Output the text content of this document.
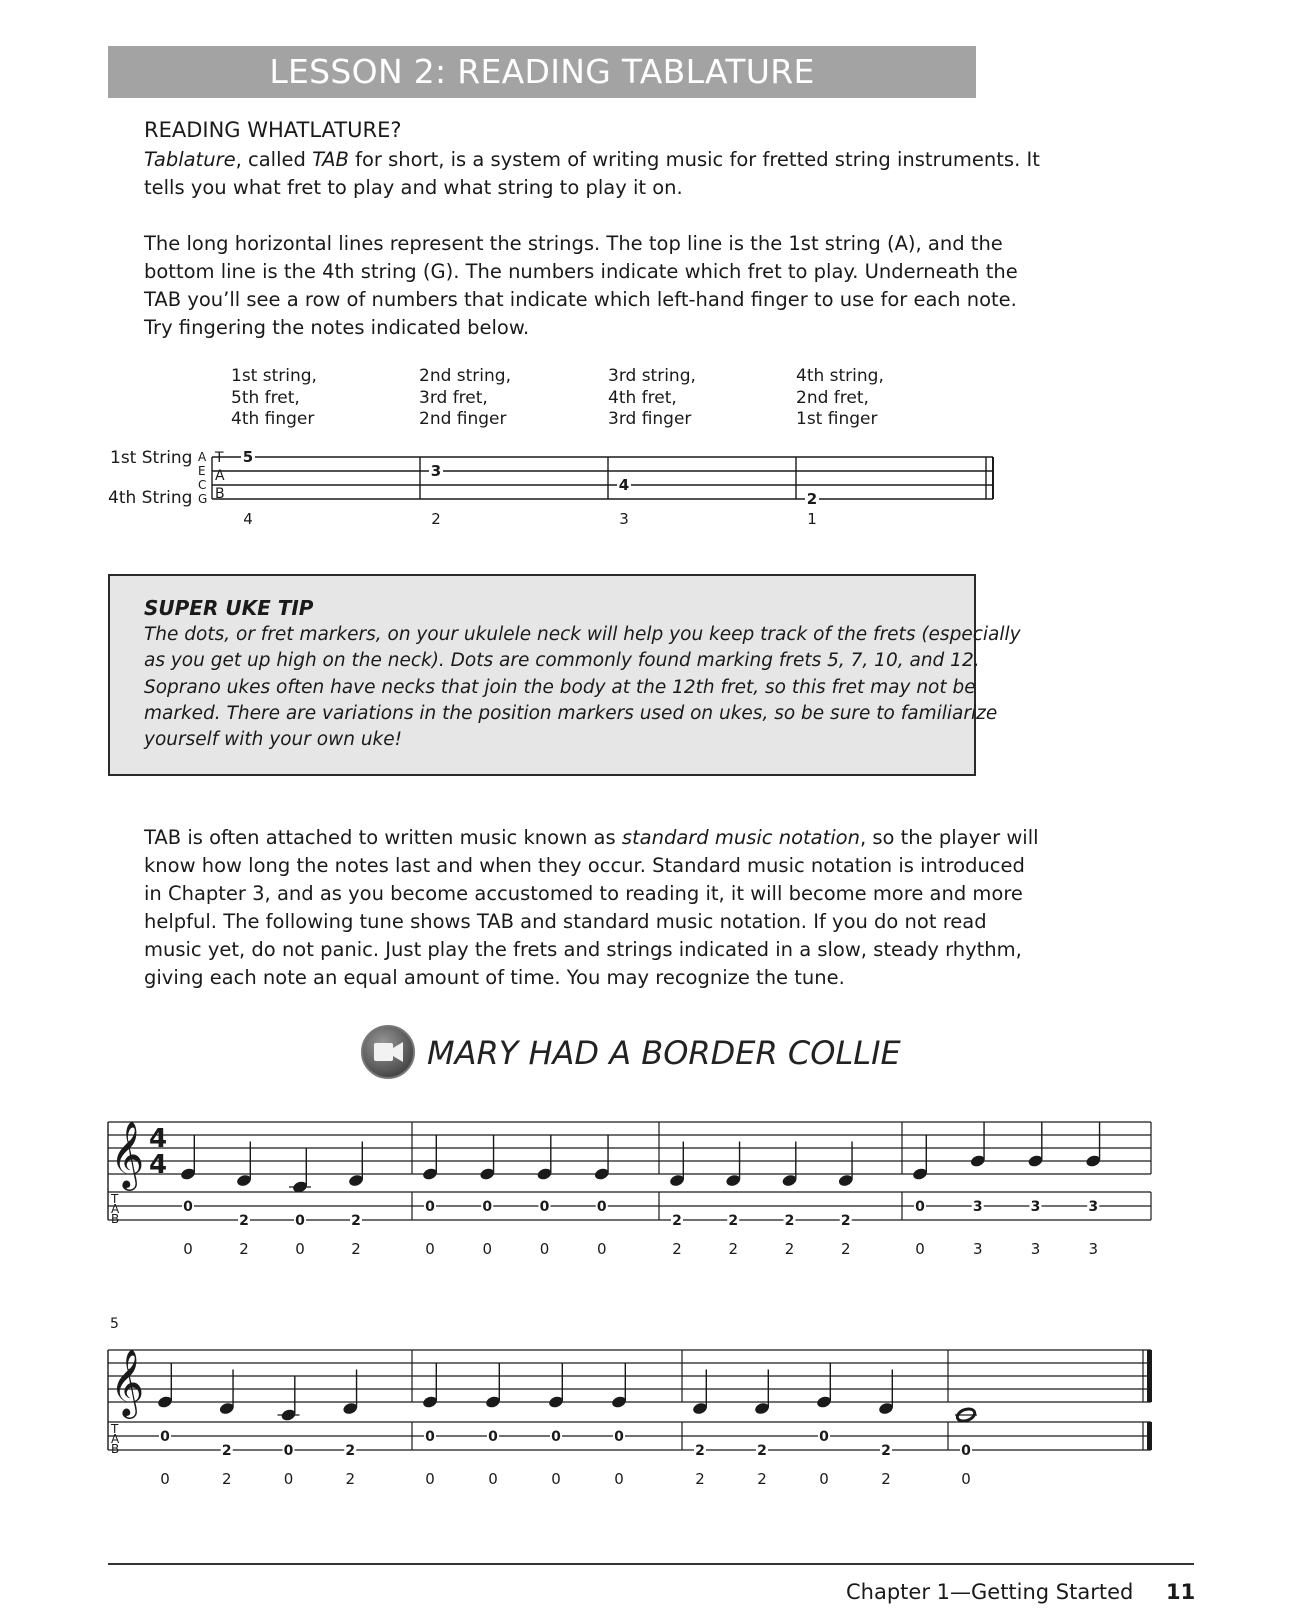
LESSON 2: READING TABLATURE
READING WHATLATURE?
Tablature, called TAB for short, is a system of writing music for fretted string instruments. It
tells you what fret to play and what string to play it on.
The long horizontal lines represent the strings. The top line is the 1st string (A), and the
bottom line is the 4th string (G). The numbers indicate which fret to play. Underneath the
TAB you’ll see a row of numbers that indicate which left-hand finger to use for each note.
Try fingering the notes indicated below.
1st string,
5th fret,
4th finger
2nd string,
3rd fret,
2nd finger
3rd string,
4th fret,
3rd finger
4th string,
2nd fret,
1st finger
1st String
4th String
A
E
C
G
T
A
B
5
4
3
2
4
3
2
1
SUPER UKE TIP
The dots, or fret markers, on your ukulele neck will help you keep track of the frets (especially
as you get up high on the neck). Dots are commonly found marking frets 5, 7, 10, and 12.
Soprano ukes often have necks that join the body at the 12th fret, so this fret may not be
marked. There are variations in the position markers used on ukes, so be sure to familiarize
yourself with your own uke!
TAB is often attached to written music known as standard music notation, so the player will
know how long the notes last and when they occur. Standard music notation is introduced
in Chapter 3, and as you become accustomed to reading it, it will become more and more
helpful. The following tune shows TAB and standard music notation. If you do not read
music yet, do not panic. Just play the frets and strings indicated in a slow, steady rhythm,
giving each note an equal amount of time. You may recognize the tune.
MARY HAD A BORDER COLLIE
𝄞 4
4
T
A
B
0
0
2
2
0
0
2
2
0
0
0
0
0
0
0
0
2
2
2
2
2
2
2
2
0
0
3
3
3
3
3
3
𝄞
5
T
A
B
0
0
2
2
0
0
2
2
0
0
0
0
0
0
0
0
2
2
2
2
0
0
2
2
0
0
Chapter 1—Getting Started 11
